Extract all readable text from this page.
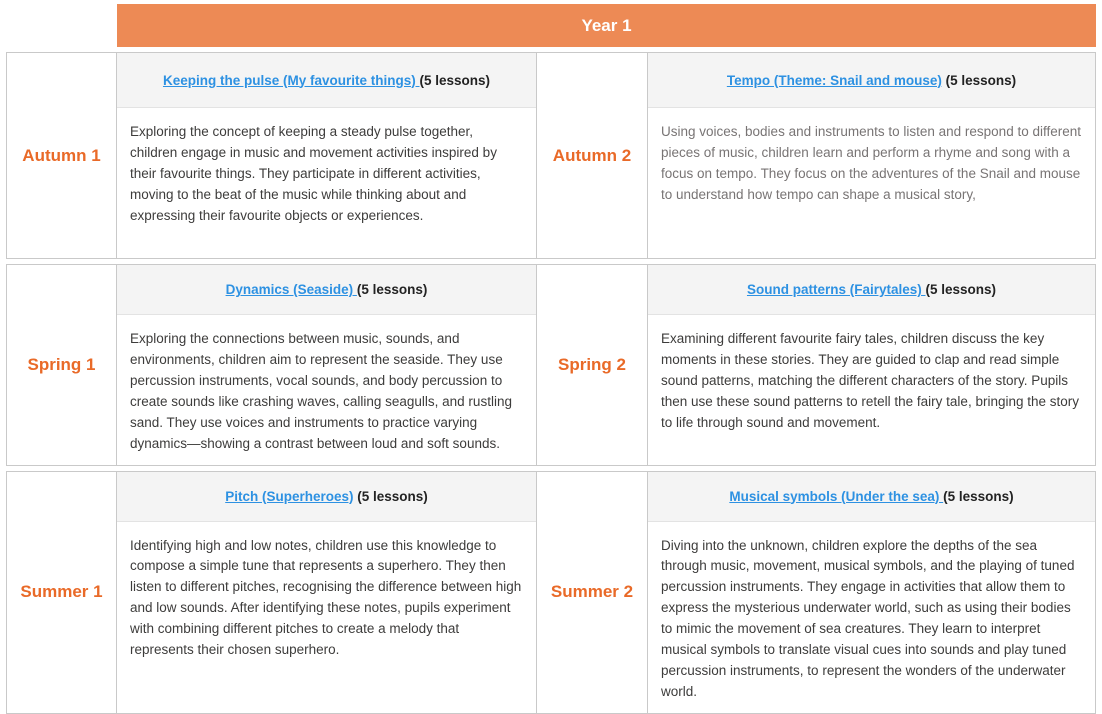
Year 1
Autumn 1
Keeping the pulse (My favourite things) (5 lessons)
Exploring the concept of keeping a steady pulse together, children engage in music and movement activities inspired by their favourite things. They participate in different activities, moving to the beat of the music while thinking about and expressing their favourite objects or experiences.
Autumn 2
Tempo (Theme: Snail and mouse) (5 lessons)
Using voices, bodies and instruments to listen and respond to different pieces of music, children learn and perform a rhyme and song with a focus on tempo. They focus on the adventures of the Snail and mouse to understand how tempo can shape a musical story,
Spring 1
Dynamics (Seaside) (5 lessons)
Exploring the connections between music, sounds, and environments, children aim to represent the seaside. They use percussion instruments, vocal sounds, and body percussion to create sounds like crashing waves, calling seagulls, and rustling sand. They use voices and instruments to practice varying dynamics—showing a contrast between loud and soft sounds.
Spring 2
Sound patterns (Fairytales) (5 lessons)
Examining different favourite fairy tales, children discuss the key moments in these stories. They are guided to clap and read simple sound patterns, matching the different characters of the story. Pupils then use these sound patterns to retell the fairy tale, bringing the story to life through sound and movement.
Summer 1
Pitch (Superheroes) (5 lessons)
Identifying high and low notes, children use this knowledge to compose a simple tune that represents a superhero. They then listen to different pitches, recognising the difference between high and low sounds. After identifying these notes, pupils experiment with combining different pitches to create a melody that represents their chosen superhero.
Summer 2
Musical symbols (Under the sea) (5 lessons)
Diving into the unknown, children explore the depths of the sea through music, movement, musical symbols, and the playing of tuned percussion instruments. They engage in activities that allow them to express the mysterious underwater world, such as using their bodies to mimic the movement of sea creatures. They learn to interpret musical symbols to translate visual cues into sounds and play tuned percussion instruments, to represent the wonders of the underwater world.
